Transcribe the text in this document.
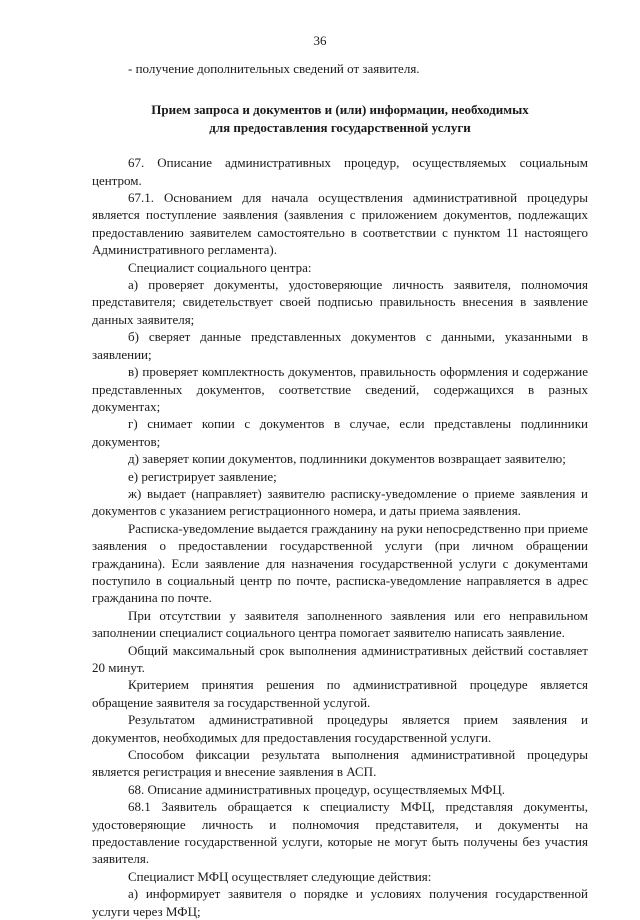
36

- получение дополнительных сведений от заявителя.

Прием запроса и документов и (или) информации, необходимых
для предоставления государственной услуги

67. Описание административных процедур, осуществляемых социальным центром.

67.1. Основанием для начала осуществления административной процедуры является поступление заявления (заявления с приложением документов, подлежащих предоставлению заявителем самостоятельно в соответствии с пунктом 11 настоящего Административного регламента).

Специалист социального центра:

а) проверяет документы, удостоверяющие личность заявителя, полномочия представителя; свидетельствует своей подписью правильность внесения в заявление данных заявителя;

б) сверяет данные представленных документов с данными, указанными в заявлении;

в) проверяет комплектность документов, правильность оформления и содержание представленных документов, соответствие сведений, содержащихся в разных документах;

г) снимает копии с документов в случае, если представлены подлинники документов;

д) заверяет копии документов, подлинники документов возвращает заявителю;

е) регистрирует заявление;

ж) выдает (направляет) заявителю расписку-уведомление о приеме заявления и документов с указанием регистрационного номера, и даты приема заявления.

Расписка-уведомление выдается гражданину на руки непосредственно при приеме заявления о предоставлении государственной услуги (при личном обращении гражданина). Если заявление для назначения государственной услуги с документами поступило в социальный центр по почте, расписка-уведомление направляется в адрес гражданина по почте.

При отсутствии у заявителя заполненного заявления или его неправильном заполнении специалист социального центра помогает заявителю написать заявление.

Общий максимальный срок выполнения административных действий составляет 20 минут.

Критерием принятия решения по административной процедуре является обращение заявителя за государственной услугой.

Результатом административной процедуры является прием заявления и документов, необходимых для предоставления государственной услуги.

Способом фиксации результата выполнения административной процедуры является регистрация и внесение заявления в АСП.

68. Описание административных процедур, осуществляемых МФЦ.

68.1 Заявитель обращается к специалисту МФЦ, представляя документы, удостоверяющие личность и полномочия представителя, и документы на предоставление государственной услуги, которые не могут быть получены без участия заявителя.

Специалист МФЦ осуществляет следующие действия:

а) информирует заявителя о порядке и условиях получения государственной услуги через МФЦ;
